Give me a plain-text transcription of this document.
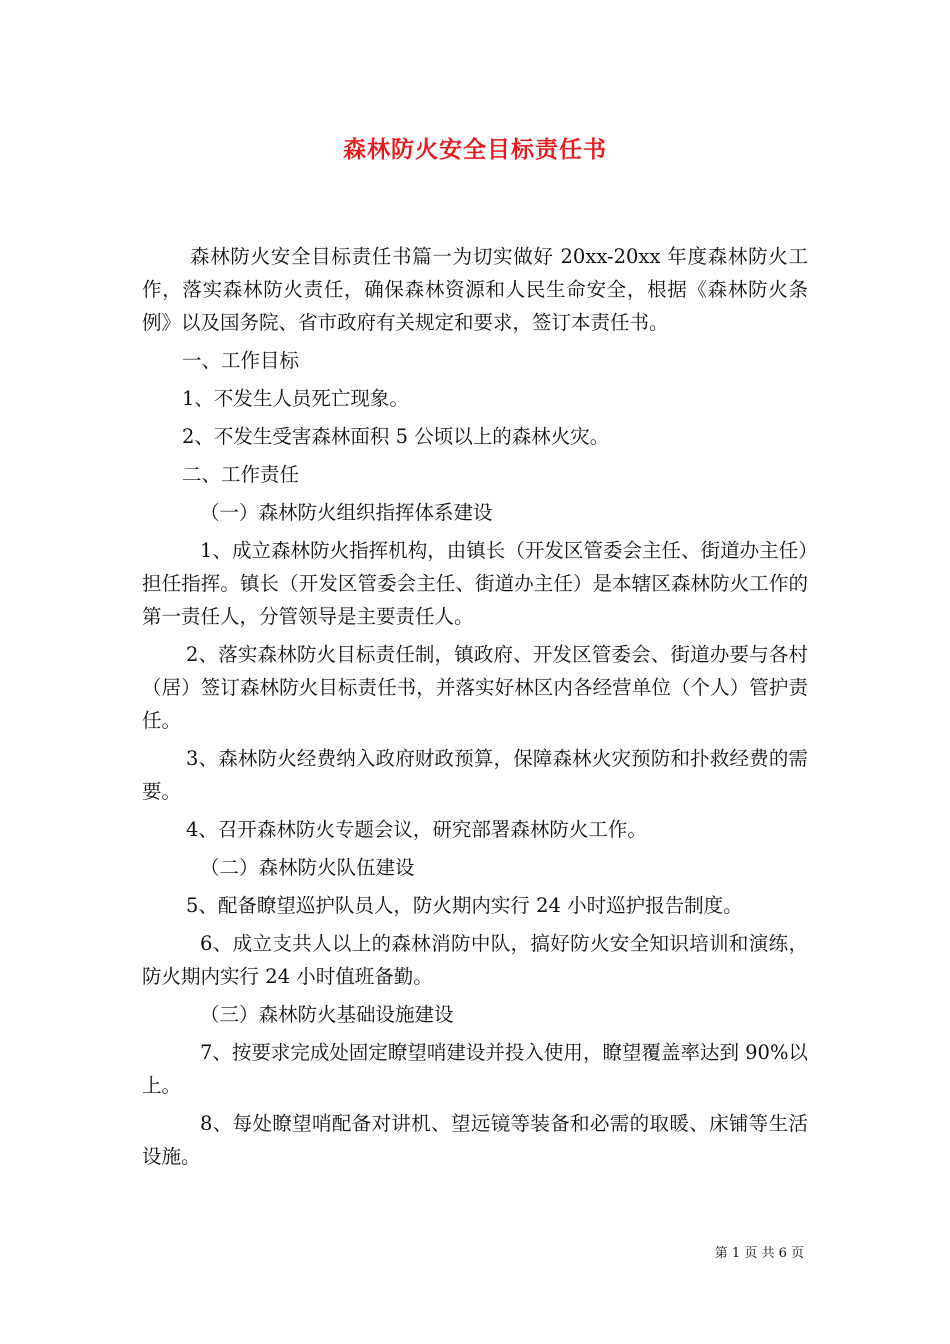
森林防火安全目标责任书

森林防火安全目标责任书篇一为切实做好 20xx-20xx 年度森林防火工作，落实森林防火责任，确保森林资源和人民生命安全，根据《森林防火条例》以及国务院、省市政府有关规定和要求，签订本责任书。

一、工作目标

1、不发生人员死亡现象。

2、不发生受害森林面积 5 公顷以上的森林火灾。

二、工作责任

（一）森林防火组织指挥体系建设

1、成立森林防火指挥机构，由镇长（开发区管委会主任、街道办主任）担任指挥。镇长（开发区管委会主任、街道办主任）是本辖区森林防火工作的第一责任人，分管领导是主要责任人。

2、落实森林防火目标责任制，镇政府、开发区管委会、街道办要与各村（居）签订森林防火目标责任书，并落实好林区内各经营单位（个人）管护责任。

3、森林防火经费纳入政府财政预算，保障森林火灾预防和扑救经费的需要。

4、召开森林防火专题会议，研究部署森林防火工作。

（二）森林防火队伍建设

5、配备瞭望巡护队员人，防火期内实行 24 小时巡护报告制度。

6、成立支共人以上的森林消防中队，搞好防火安全知识培训和演练，防火期内实行 24 小时值班备勤。

（三）森林防火基础设施建设

7、按要求完成处固定瞭望哨建设并投入使用，瞭望覆盖率达到 90%以上。

8、每处瞭望哨配备对讲机、望远镜等装备和必需的取暖、床铺等生活设施。

第 1 页 共 6 页
